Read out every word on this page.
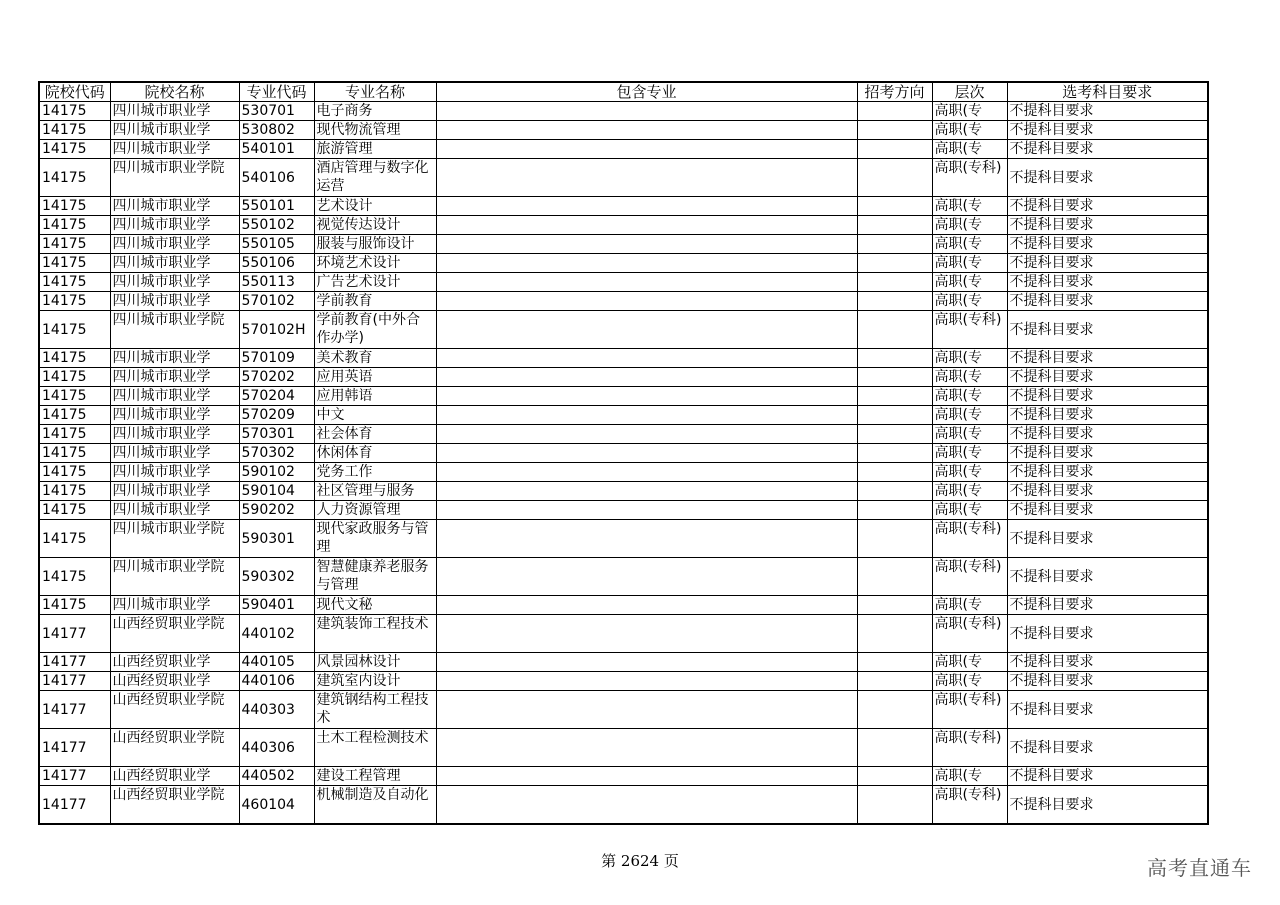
院校代码	院校名称	专业代码	专业名称	包含专业	招考方向	层次	选考科目要求
14175	四川城市职业学	530701	电子商务			高职(专	不提科目要求
14175	四川城市职业学	530802	现代物流管理			高职(专	不提科目要求
14175	四川城市职业学	540101	旅游管理			高职(专	不提科目要求
14175	四川城市职业学院	540106	酒店管理与数字化运营			高职(专科)	不提科目要求
14175	四川城市职业学	550101	艺术设计			高职(专	不提科目要求
14175	四川城市职业学	550102	视觉传达设计			高职(专	不提科目要求
14175	四川城市职业学	550105	服装与服饰设计			高职(专	不提科目要求
14175	四川城市职业学	550106	环境艺术设计			高职(专	不提科目要求
14175	四川城市职业学	550113	广告艺术设计			高职(专	不提科目要求
14175	四川城市职业学	570102	学前教育			高职(专	不提科目要求
14175	四川城市职业学院	570102H	学前教育(中外合作办学)			高职(专科)	不提科目要求
14175	四川城市职业学	570109	美术教育			高职(专	不提科目要求
14175	四川城市职业学	570202	应用英语			高职(专	不提科目要求
14175	四川城市职业学	570204	应用韩语			高职(专	不提科目要求
14175	四川城市职业学	570209	中文			高职(专	不提科目要求
14175	四川城市职业学	570301	社会体育			高职(专	不提科目要求
14175	四川城市职业学	570302	休闲体育			高职(专	不提科目要求
14175	四川城市职业学	590102	党务工作			高职(专	不提科目要求
14175	四川城市职业学	590104	社区管理与服务			高职(专	不提科目要求
14175	四川城市职业学	590202	人力资源管理			高职(专	不提科目要求
14175	四川城市职业学院	590301	现代家政服务与管理			高职(专科)	不提科目要求
14175	四川城市职业学院	590302	智慧健康养老服务与管理			高职(专科)	不提科目要求
14175	四川城市职业学	590401	现代文秘			高职(专	不提科目要求
14177	山西经贸职业学院	440102	建筑装饰工程技术			高职(专科)	不提科目要求
14177	山西经贸职业学	440105	风景园林设计			高职(专	不提科目要求
14177	山西经贸职业学	440106	建筑室内设计			高职(专	不提科目要求
14177	山西经贸职业学院	440303	建筑钢结构工程技术			高职(专科)	不提科目要求
14177	山西经贸职业学院	440306	土木工程检测技术			高职(专科)	不提科目要求
14177	山西经贸职业学	440502	建设工程管理			高职(专	不提科目要求
14177	山西经贸职业学院	460104	机械制造及自动化			高职(专科)	不提科目要求
第 2624 页	高考直通车
